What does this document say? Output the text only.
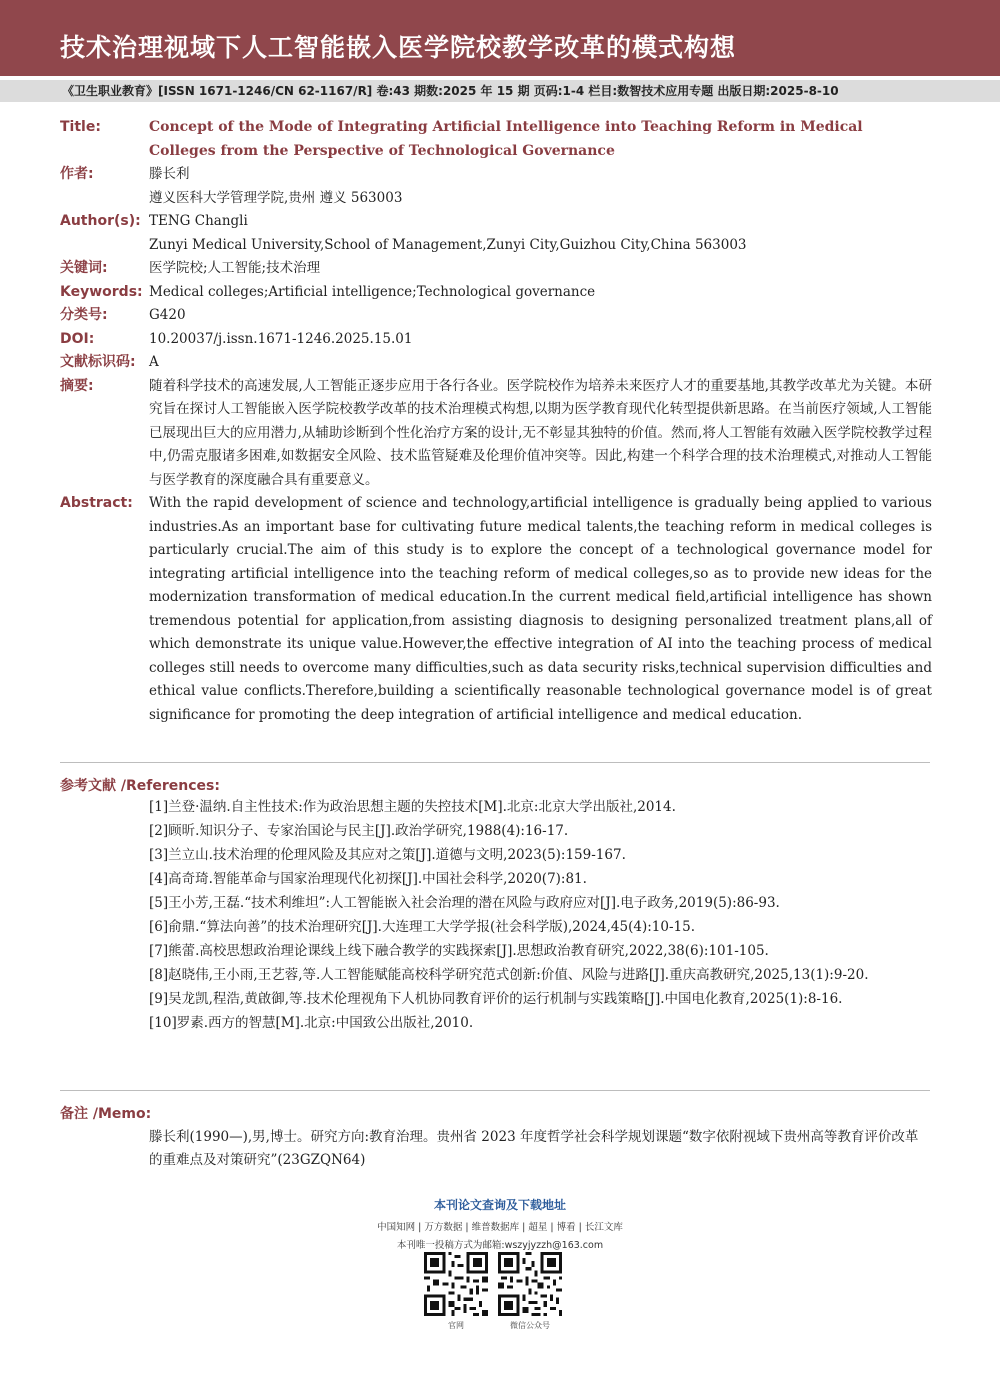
技术治理视域下人工智能嵌入医学院校教学改革的模式构想
《卫生职业教育》[ISSN 1671-1246/CN 62-1167/R] 卷:43 期数:2025 年 15 期 页码:1-4 栏目:数智技术应用专题 出版日期:2025-8-10
Title:	Concept of the Mode of Integrating Artificial Intelligence into Teaching Reform in Medical Colleges from the Perspective of Technological Governance
作者:	滕长利

遵义医科大学管理学院,贵州 遵义 563003

Author(s): TENG Changli

Zunyi Medical University,School of Management,Zunyi City,Guizhou City,China 563003

关键词:	医学院校;人工智能;技术治理
Keywords: Medical colleges;Artificial intelligence;Technological governance
分类号:	G420
DOI:	10.20037/j.issn.1671-1246.2025.15.01
文献标识码: A
摘要:	随着科学技术的高速发展,人工智能正逐步应用于各行各业。医学院校作为培养未来医疗人才的重要基地,其教学改革尤为关键。本研究旨在探讨人工智能嵌入医学院校教学改革的技术治理模式构想,以期为医学教育现代化转型提供新思路。在当前医疗领域,人工智能已展现出巨大的应用潜力,从辅助诊断到个性化治疗方案的设计,无不彰显其独特的价值。然而,将人工智能有效融入医学院校教学过程中,仍需克服诸多困难,如数据安全风险、技术监管疑难及伦理价值冲突等。因此,构建一个科学合理的技术治理模式,对推动人工智能与医学教育的深度融合具有重要意义。
Abstract:	With the rapid development of science and technology,artificial intelligence is gradually being applied to various industries.As an important base for cultivating future medical talents,the teaching reform in medical colleges is particularly crucial.The aim of this study is to explore the concept of a technological governance model for integrating artificial intelligence into the teaching reform of medical colleges,so as to provide new ideas for the modernization transformation of medical education.In the current medical field,artificial intelligence has shown tremendous potential for application,from assisting diagnosis to designing personalized treatment plans,all of which demonstrate its unique value.However,the effective integration of AI into the teaching process of medical colleges still needs to overcome many difficulties,such as data security risks,technical supervision difficulties and ethical value conflicts.Therefore,building a scientifically reasonable technological governance model is of great significance for promoting the deep integration of artificial intelligence and medical education.
参考文献 /References:
[1]兰登·温纳.自主性技术:作为政治思想主题的失控技术[M].北京:北京大学出版社,2014.
[2]顾昕.知识分子、专家治国论与民主[J].政治学研究,1988(4):16-17.
[3]兰立山.技术治理的伦理风险及其应对之策[J].道德与文明,2023(5):159-167.
[4]高奇琦.智能革命与国家治理现代化初探[J].中国社会科学,2020(7):81.
[5]王小芳,王磊.“技术利维坦”:人工智能嵌入社会治理的潜在风险与政府应对[J].电子政务,2019(5):86-93.
[6]俞鼎.“算法向善”的技术治理研究[J].大连理工大学学报(社会科学版),2024,45(4):10-15.
[7]熊蕾.高校思想政治理论课线上线下融合教学的实践探索[J].思想政治教育研究,2022,38(6):101-105.
[8]赵晓伟,王小雨,王艺蓉,等.人工智能赋能高校科学研究范式创新:价值、风险与进路[J].重庆高教研究,2025,13(1):9-20.
[9]吴龙凯,程浩,黄啟御,等.技术伦理视角下人机协同教育评价的运行机制与实践策略[J].中国电化教育,2025(1):8-16.
[10]罗素.西方的智慧[M].北京:中国致公出版社,2010.
备注 /Memo:
滕长利(1990—),男,博士。研究方向:教育治理。贵州省 2023 年度哲学社会科学规划课题“数字依附视域下贵州高等教育评价改革的重难点及对策研究”(23GZQN64)
本刊论文查询及下载地址
中国知网 | 万方数据 | 维普数据库 | 超星 | 博看 | 长江文库
本刊唯一投稿方式为邮箱:wszyjyzzh@163.com
官网	微信公众号
